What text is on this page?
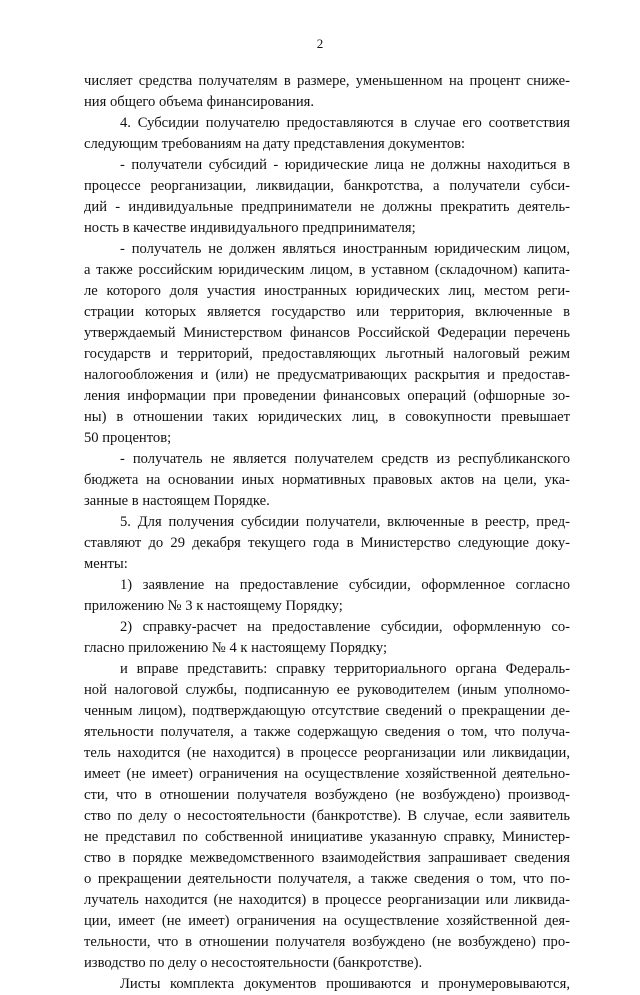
2
числяет средства получателям в размере, уменьшенном на процент сниже-
ния общего объема финансирования.
4. Субсидии получателю предоставляются в случае его соответствия
следующим требованиям на дату представления документов:
- получатели субсидий - юридические лица не должны находиться в
процессе реорганизации, ликвидации, банкротства, а получатели субси-
дий - индивидуальные предприниматели не должны прекратить деятель-
ность в качестве индивидуального предпринимателя;
- получатель не должен являться иностранным юридическим лицом,
а также российским юридическим лицом, в уставном (складочном) капита-
ле которого доля участия иностранных юридических лиц, местом реги-
страции которых является государство или территория, включенные в
утверждаемый Министерством финансов Российской Федерации перечень
государств и территорий, предоставляющих льготный налоговый режим
налогообложения и (или) не предусматривающих раскрытия и предостав-
ления информации при проведении финансовых операций (офшорные зо-
ны) в отношении таких юридических лиц, в совокупности превышает
50 процентов;
- получатель не является получателем средств из республиканского
бюджета на основании иных нормативных правовых актов на цели, ука-
занные в настоящем Порядке.
5. Для получения субсидии получатели, включенные в реестр, пред-
ставляют до 29 декабря текущего года в Министерство следующие доку-
менты:
1) заявление на предоставление субсидии, оформленное согласно
приложению № 3 к настоящему Порядку;
2) справку-расчет на предоставление субсидии, оформленную со-
гласно приложению № 4 к настоящему Порядку;
и вправе представить: справку территориального органа Федераль-
ной налоговой службы, подписанную ее руководителем (иным уполномо-
ченным лицом), подтверждающую отсутствие сведений о прекращении де-
ятельности получателя, а также содержащую сведения о том, что получа-
тель находится (не находится) в процессе реорганизации или ликвидации,
имеет (не имеет) ограничения на осуществление хозяйственной деятельно-
сти, что в отношении получателя возбуждено (не возбуждено) производ-
ство по делу о несостоятельности (банкротстве). В случае, если заявитель
не представил по собственной инициативе указанную справку, Министер-
ство в порядке межведомственного взаимодействия запрашивает сведения
о прекращении деятельности получателя, а также сведения о том, что по-
лучатель находится (не находится) в процессе реорганизации или ликвида-
ции, имеет (не имеет) ограничения на осуществление хозяйственной дея-
тельности, что в отношении получателя возбуждено (не возбуждено) про-
изводство по делу о несостоятельности (банкротстве).
Листы комплекта документов прошиваются и пронумеровываются,
